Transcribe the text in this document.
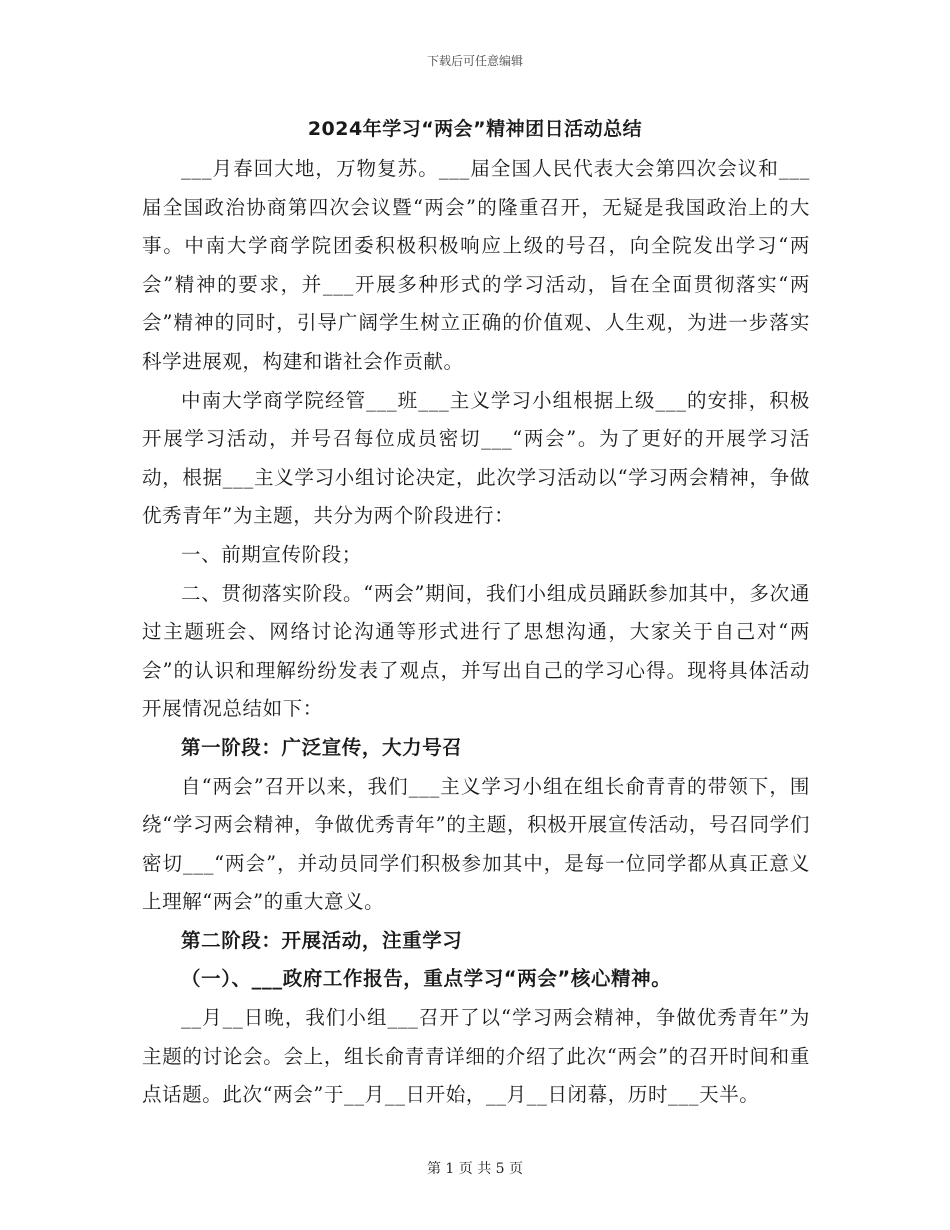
下载后可任意编辑
2024年学习“两会”精神团日活动总结

___月春回大地，万物复苏。___届全国人民代表大会第四次会议和___届全国政治协商第四次会议暨“两会”的隆重召开，无疑是我国政治上的大事。中南大学商学院团委积极积极响应上级的号召，向全院发出学习“两会”精神的要求，并___开展多种形式的学习活动，旨在全面贯彻落实“两会”精神的同时，引导广阔学生树立正确的价值观、人生观，为进一步落实科学进展观，构建和谐社会作贡献。

中南大学商学院经管___班___主义学习小组根据上级___的安排，积极开展学习活动，并号召每位成员密切___“两会”。为了更好的开展学习活动，根据___主义学习小组讨论决定，此次学习活动以“学习两会精神，争做优秀青年”为主题，共分为两个阶段进行：

一、前期宣传阶段；

二、贯彻落实阶段。“两会”期间，我们小组成员踊跃参加其中，多次通过主题班会、网络讨论沟通等形式进行了思想沟通，大家关于自己对“两会”的认识和理解纷纷发表了观点，并写出自己的学习心得。现将具体活动开展情况总结如下：

第一阶段：广泛宣传，大力号召

自“两会”召开以来，我们___主义学习小组在组长俞青青的带领下，围绕“学习两会精神，争做优秀青年”的主题，积极开展宣传活动，号召同学们密切___“两会”，并动员同学们积极参加其中，是每一位同学都从真正意义上理解“两会”的重大意义。

第二阶段：开展活动，注重学习

（一）、___政府工作报告，重点学习“两会”核心精神。

__月__日晚，我们小组___召开了以“学习两会精神，争做优秀青年”为主题的讨论会。会上，组长俞青青详细的介绍了此次“两会”的召开时间和重点话题。此次“两会”于__月__日开始，__月__日闭幕，历时___天半。

第 1 页 共 5 页
